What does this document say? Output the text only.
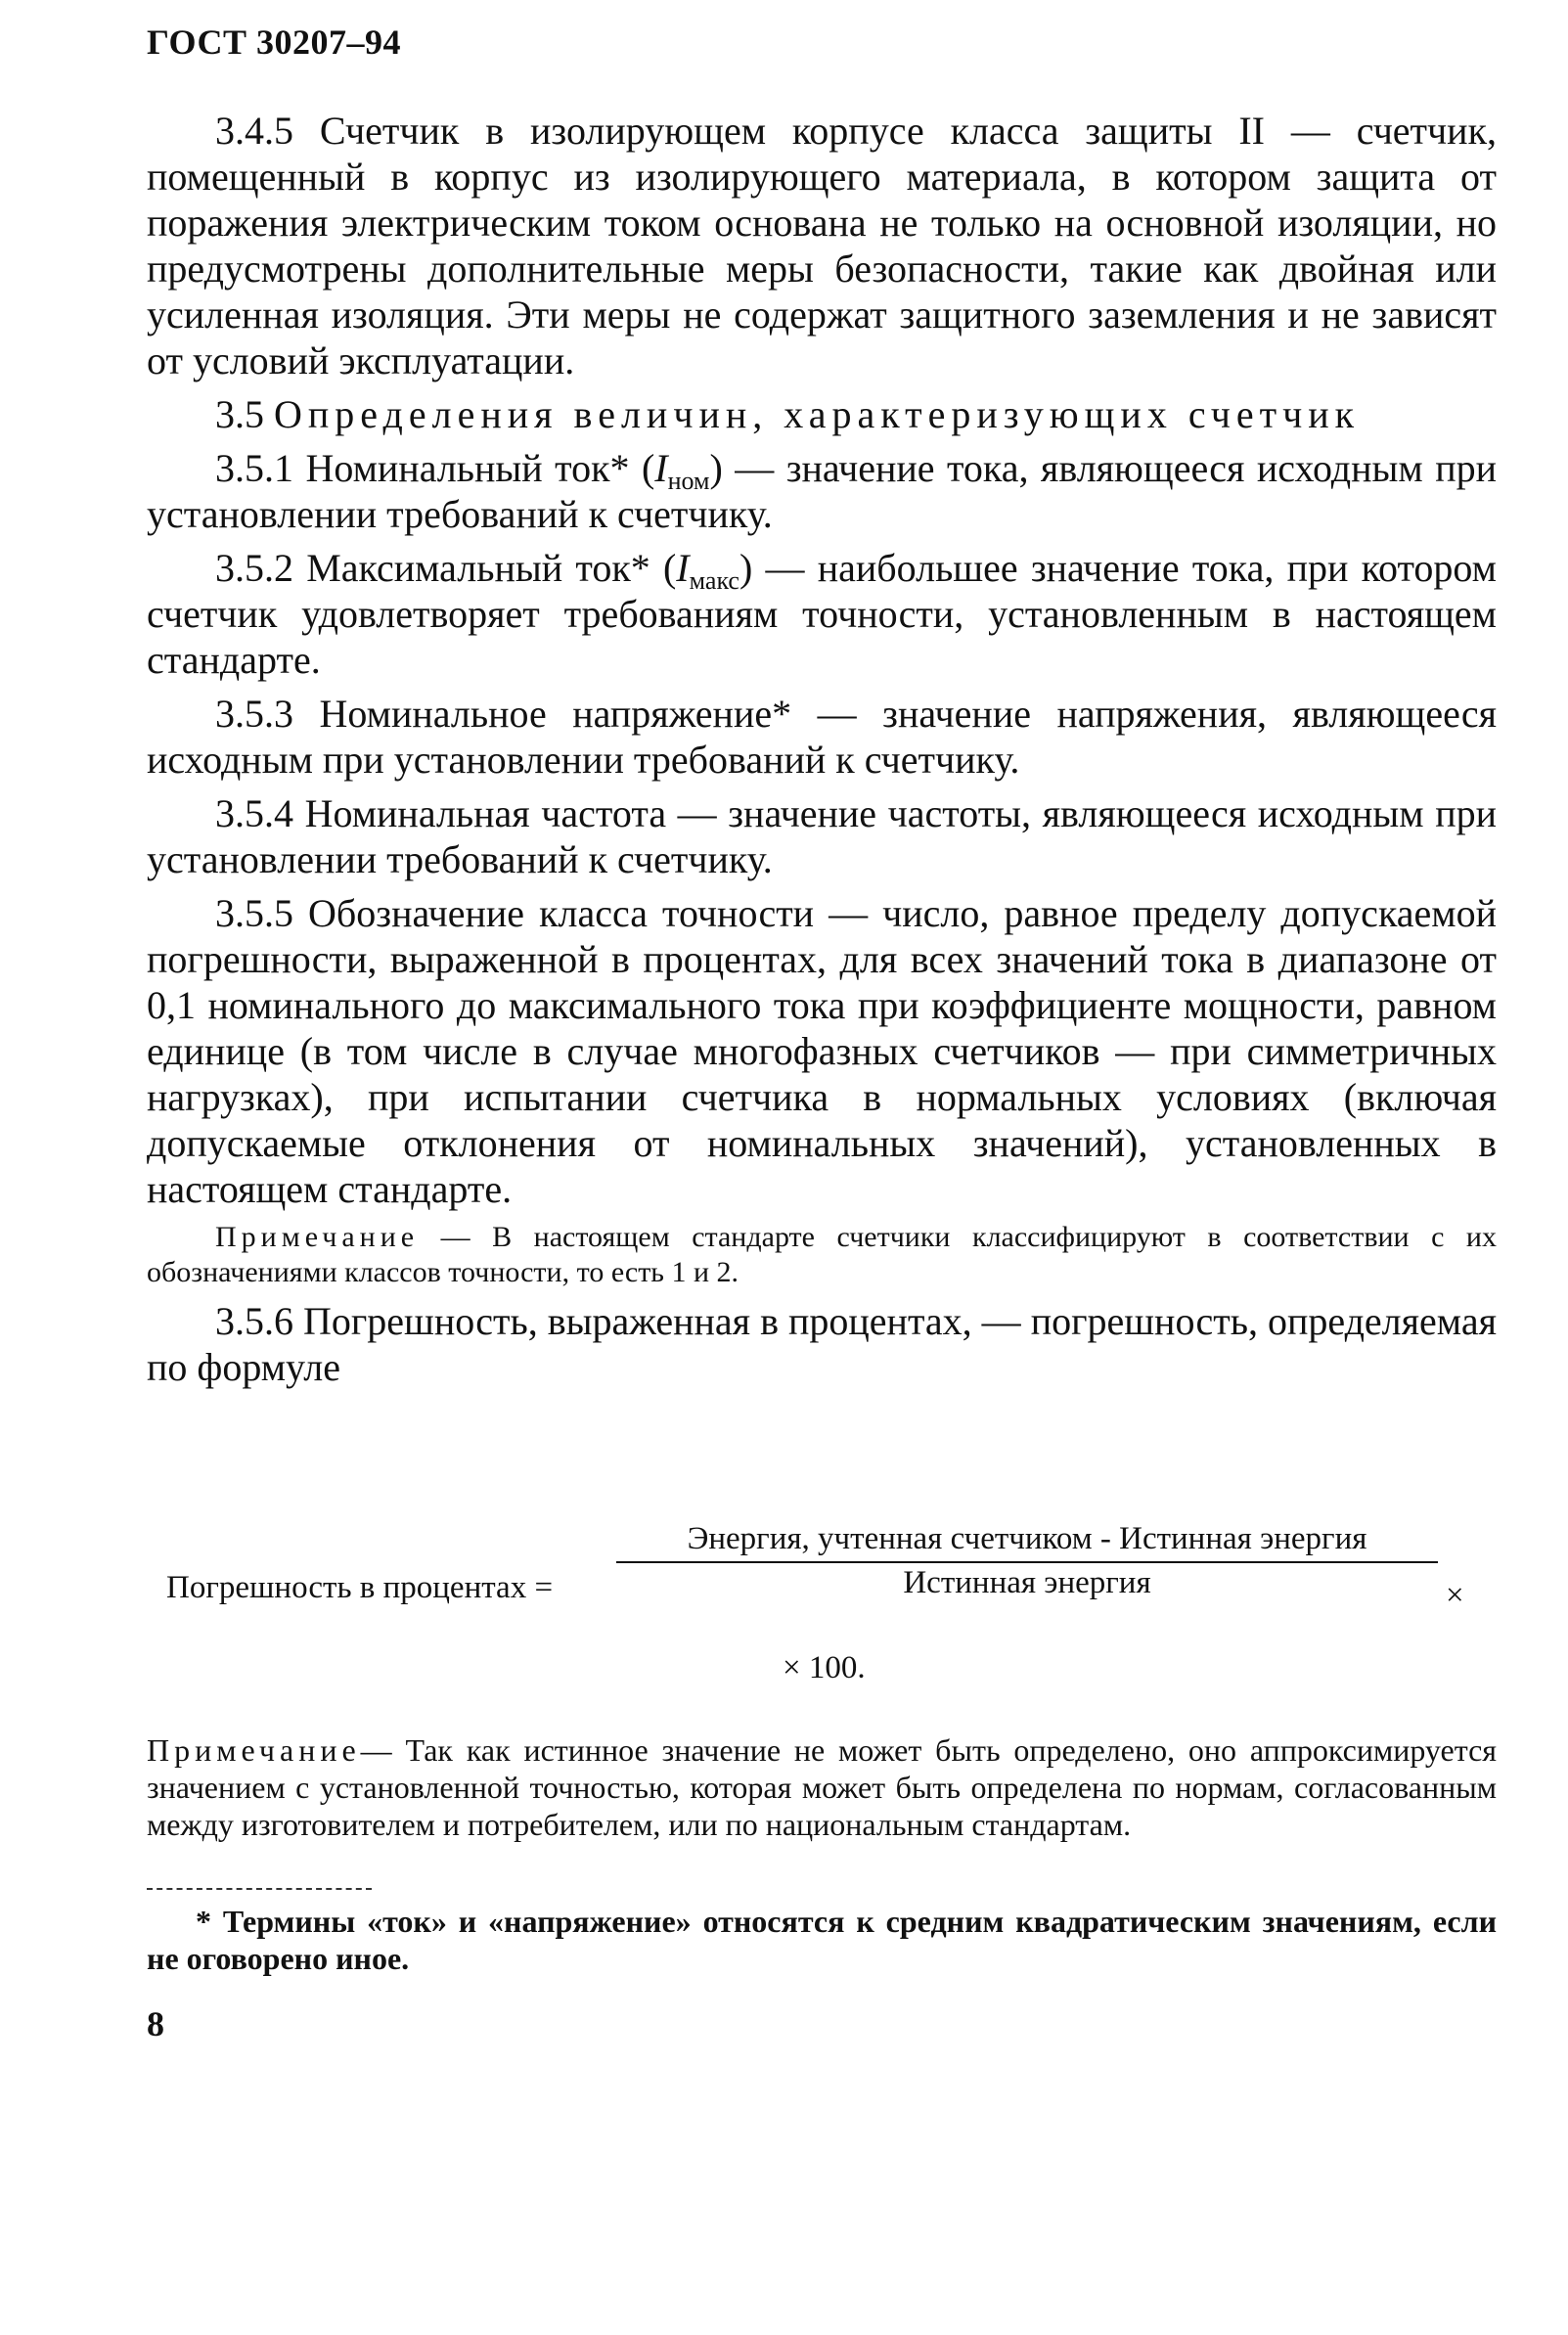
ГОСТ 30207–94

3.4.5 Счетчик в изолирующем корпусе класса защиты II — счетчик, помещенный в корпус из изолирующего материала, в котором защита от поражения электрическим током основана не только на основной изоляции, но предусмотрены дополнительные меры безопасности, такие как двойная или усиленная изоляция. Эти меры не содержат защитного заземления и не зависят от условий эксплуатации.

3.5 Определения величин, характеризующих счетчик

3.5.1 Номинальный ток* $(I_{ном})$ — значение тока, являющееся исходным при установлении требований к счетчику.

3.5.2 Максимальный ток* $(I_{макс})$ — наибольшее значение тока, при котором счетчик удовлетворяет требованиям точности, установленным в настоящем стандарте.

3.5.3 Номинальное напряжение* — значение напряжения, являющееся исходным при установлении требований к счетчику.

3.5.4 Номинальная частота — значение частоты, являющееся исходным при установлении требований к счетчику.

3.5.5 Обозначение класса точности — число, равное пределу допускаемой погрешности, выраженной в процентах, для всех значений тока в диапазоне от 0,1 номинального до максимального тока при коэффициенте мощности, равном единице (в том числе в случае многофазных счетчиков — при симметричных нагрузках), при испытании счетчика в нормальных условиях (включая допускаемые отклонения от номинальных значений), установленных в настоящем стандарте.

Примечание — В настоящем стандарте счетчики классифицируют в соответствии с их обозначениями классов точности, то есть 1 и 2.

3.5.6 Погрешность, выраженная в процентах, — погрешность, определяемая по формуле

Погрешность в процентах =
Энергия, учтенная счетчиком - Истинная энергия
Истинная энергия	×
× 100.
Примечание— Так как истинное значение не может быть определено, оно аппроксимируется значением с установленной точностью, которая может быть определена по нормам, согласованным между изготовителем и потребителем, или по национальным стандартам.
* Термины «ток» и «напряжение» относятся к средним квадратическим значениям, если не оговорено иное.
8
